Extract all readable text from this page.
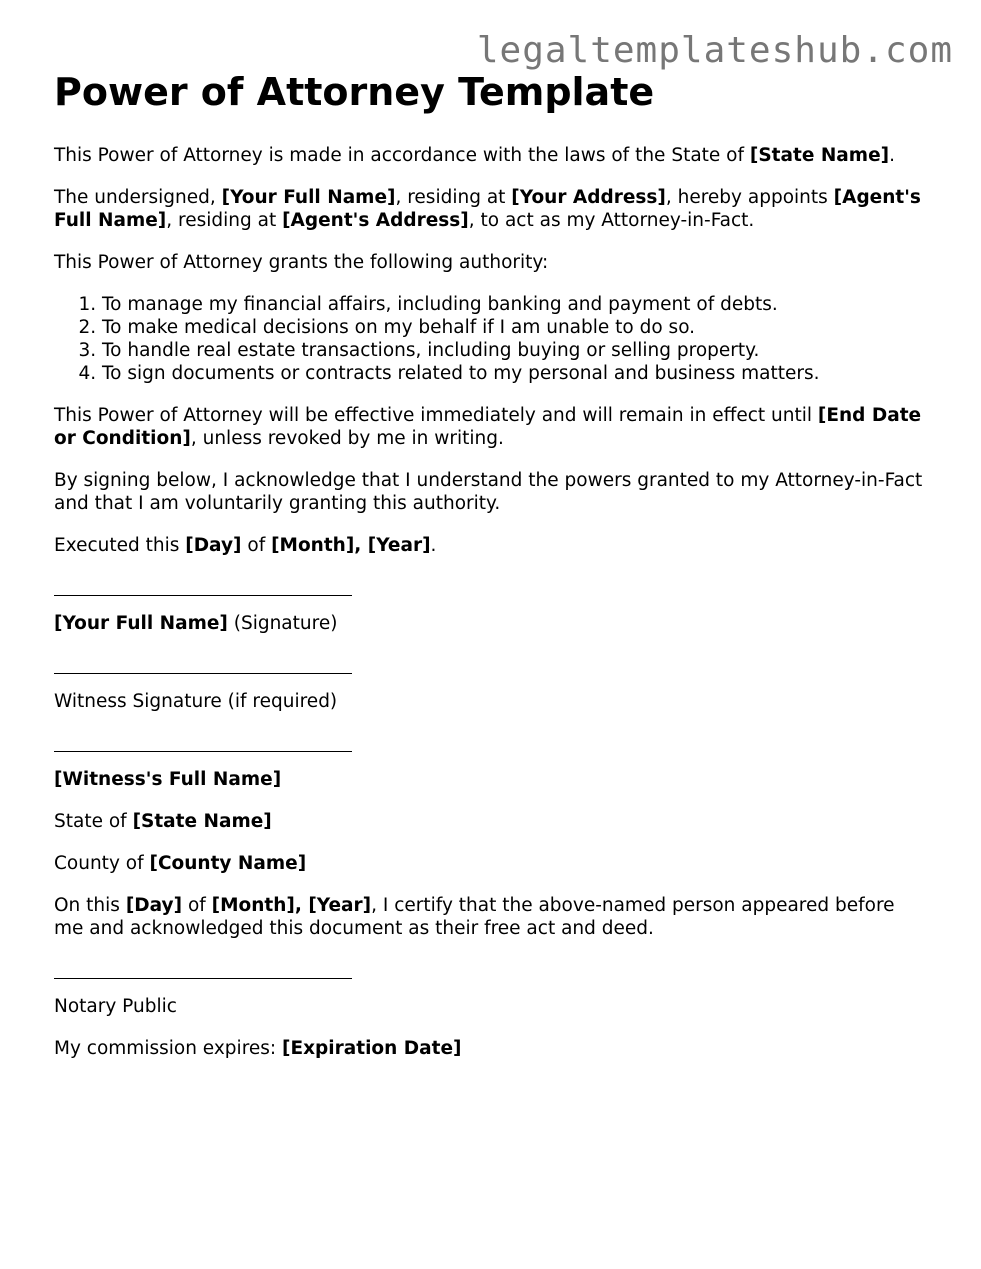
legaltemplateshub.com
Power of Attorney Template

This Power of Attorney is made in accordance with the laws of the State of [State Name].

The undersigned, [Your Full Name], residing at [Your Address], hereby appoints [Agent's Full Name], residing at [Agent's Address], to act as my Attorney-in-Fact.

This Power of Attorney grants the following authority:

1. To manage my financial affairs, including banking and payment of debts.
2. To make medical decisions on my behalf if I am unable to do so.
3. To handle real estate transactions, including buying or selling property.
4. To sign documents or contracts related to my personal and business matters.

This Power of Attorney will be effective immediately and will remain in effect until [End Date or Condition], unless revoked by me in writing.

By signing below, I acknowledge that I understand the powers granted to my Attorney-in-Fact and that I am voluntarily granting this authority.

Executed this [Day] of [Month], [Year].

[Your Full Name] (Signature)

Witness Signature (if required)

[Witness's Full Name]

State of [State Name]

County of [County Name]

On this [Day] of [Month], [Year], I certify that the above-named person appeared before me and acknowledged this document as their free act and deed.

Notary Public

My commission expires: [Expiration Date]
